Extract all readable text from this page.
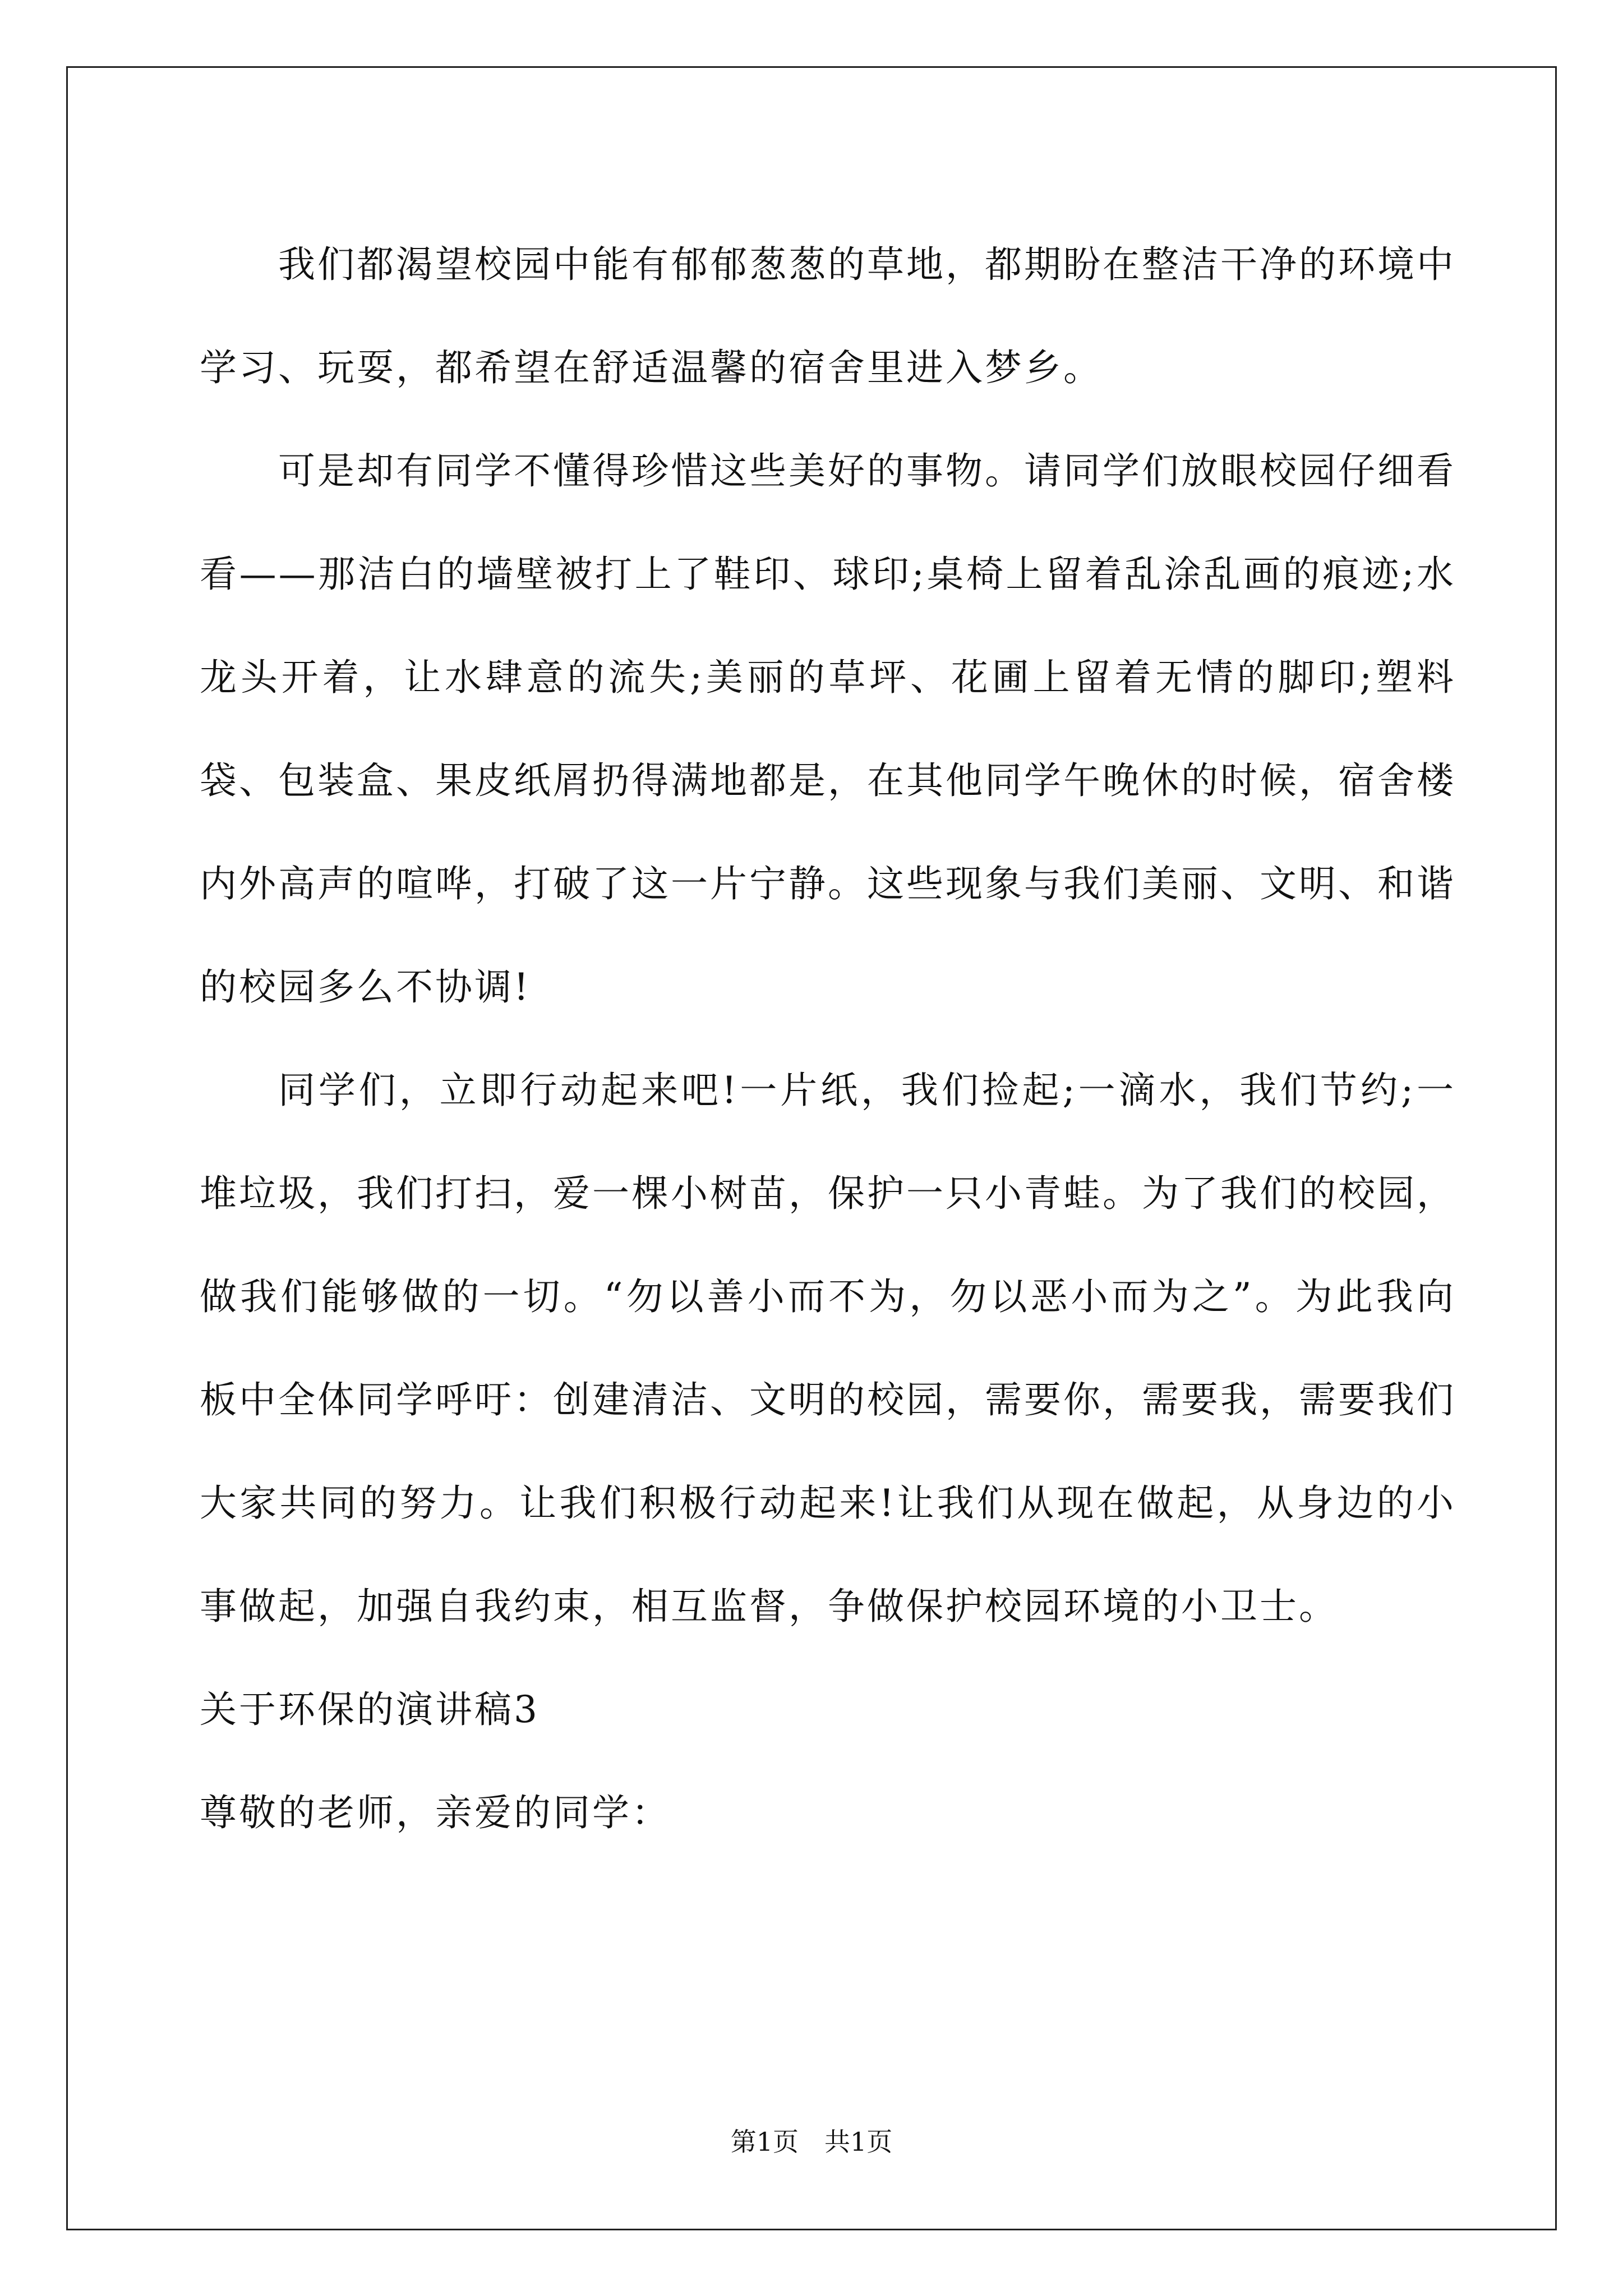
我们都渴望校园中能有郁郁葱葱的草地，都期盼在整洁干净的环境中学习、玩耍，都希望在舒适温馨的宿舍里进入梦乡。

可是却有同学不懂得珍惜这些美好的事物。请同学们放眼校园仔细看看——那洁白的墙壁被打上了鞋印、球印;桌椅上留着乱涂乱画的痕迹;水龙头开着，让水肆意的流失;美丽的草坪、花圃上留着无情的脚印;塑料袋、包装盒、果皮纸屑扔得满地都是，在其他同学午晚休的时候，宿舍楼内外高声的喧哗，打破了这一片宁静。这些现象与我们美丽、文明、和谐的校园多么不协调!

同学们，立即行动起来吧!一片纸，我们捡起;一滴水，我们节约;一堆垃圾，我们打扫，爱一棵小树苗，保护一只小青蛙。为了我们的校园，做我们能够做的一切。“勿以善小而不为，勿以恶小而为之”。为此我向板中全体同学呼吁：创建清洁、文明的校园，需要你，需要我，需要我们大家共同的努力。让我们积极行动起来!让我们从现在做起，从身边的小事做起，加强自我约束，相互监督，争做保护校园环境的小卫士。

关于环保的演讲稿3

尊敬的老师，亲爱的同学：

第1页　共1页
